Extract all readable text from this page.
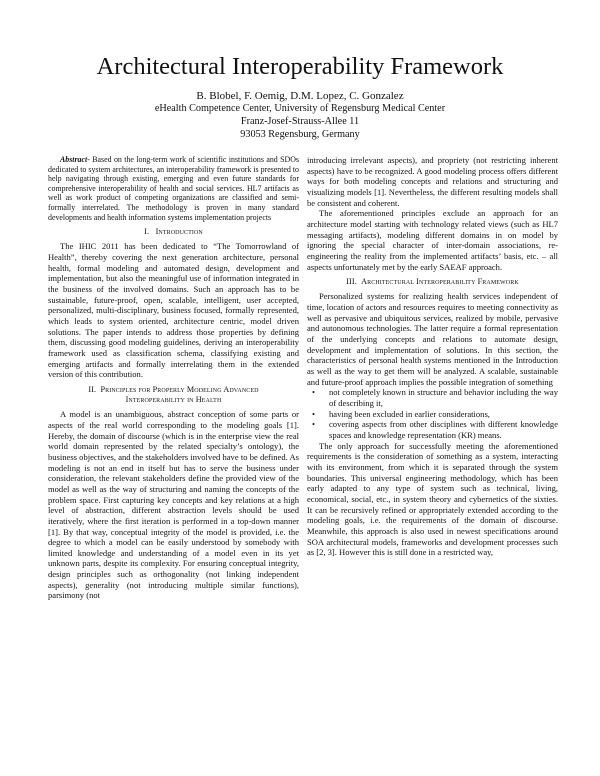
Architectural Interoperability Framework
B. Blobel, F. Oemig, D.M. Lopez, C. Gonzalez
eHealth Competence Center, University of Regensburg Medical Center
Franz-Josef-Strauss-Allee 11
93053 Regensburg, Germany

Abstract- Based on the long-term work of scientific institutions and SDOs dedicated to system architectures, an interoperability framework is presented to help navigating through existing, emerging and even future standards for comprehensive interoperability of health and social services. HL7 artifacts as well as work product of competing organizations are classified and semi-formally interrelated. The methodology is proven in many standard developments and health information systems implementation projects

I. Introduction

The IHIC 2011 has been dedicated to “The Tomorrowland of Health”, thereby covering the next generation architecture, personal health, formal modeling and automated design, development and implementation, but also the meaningful use of information integrated in the business of the involved domains. Such an approach has to be sustainable, future-proof, open, scalable, intelligent, user accepted, personalized, multi-disciplinary, business focused, formally represented, which leads to system oriented, architecture centric, model driven solutions. The paper intends to address those properties by defining them, discussing good modeling guidelines, deriving an interoperability framework used as classification schema, classifying existing and emerging artifacts and formally interrelating them in the extended version of this contribution.

II. Principles for Properly Modeling Advanced
Interoperability in Health

A model is an unambiguous, abstract conception of some parts or aspects of the real world corresponding to the modeling goals [1]. Hereby, the domain of discourse (which is in the enterprise view the real world domain represented by the related specialty’s ontology), the business objectives, and the stakeholders involved have to be defined. As modeling is not an end in itself but has to serve the business under consideration, the relevant stakeholders define the provided view of the model as well as the way of structuring and naming the concepts of the problem space. First capturing key concepts and key relations at a high level of abstraction, different abstraction levels should be used iteratively, where the first iteration is performed in a top-down manner [1]. By that way, conceptual integrity of the model is provided, i.e. the degree to which a model can be easily understood by somebody with limited knowledge and understanding of a model even in its yet unknown parts, despite its complexity. For ensuring conceptual integrity, design principles such as orthogonality (not linking independent aspects), generality (not introducing multiple similar functions), parsimony (not

introducing irrelevant aspects), and propriety (not restricting inherent aspects) have to be recognized. A good modeling process offers different ways for both modeling concepts and relations and structuring and visualizing models [1]. Nevertheless, the different resulting models shall be consistent and coherent.

The aforementioned principles exclude an approach for an architecture model starting with technology related views (such as HL7 messaging artifacts), modeling different domains in on model by ignoring the special character of inter-domain associations, re-engineering the reality from the implemented artifacts’ basis, etc. – all aspects unfortunately met by the early SAEAF approach.

III. Architectural Interoperability Framework

Personalized systems for realizing health services independent of time, location of actors and resources requires to meeting connectivity as well as pervasive and ubiquitous services, realized by mobile, pervasive and autonomous technologies. The latter require a formal representation of the underlying concepts and relations to automate design, development and implementation of solutions. In this section, the characteristics of personal health systems mentioned in the Introduction as well as the way to get them will be analyzed. A scalable, sustainable and future-proof approach implies the possible integration of something

• not completely known in structure and behavior including the way of describing it,
• having been excluded in earlier considerations,
• covering aspects from other disciplines with different knowledge spaces and knowledge representation (KR) means.

The only approach for successfully meeting the aforementioned requirements is the consideration of something as a system, interacting with its environment, from which it is separated through the system boundaries. This universal engineering methodology, which has been early adapted to any type of system such as technical, living, economical, social, etc., in system theory and cybernetics of the sixties. It can be recursively refined or appropriately extended according to the modeling goals, i.e. the requirements of the domain of discourse. Meanwhile, this approach is also used in newest specifications around SOA architectural models, frameworks and development processes such as [2, 3]. However this is still done in a restricted way,
